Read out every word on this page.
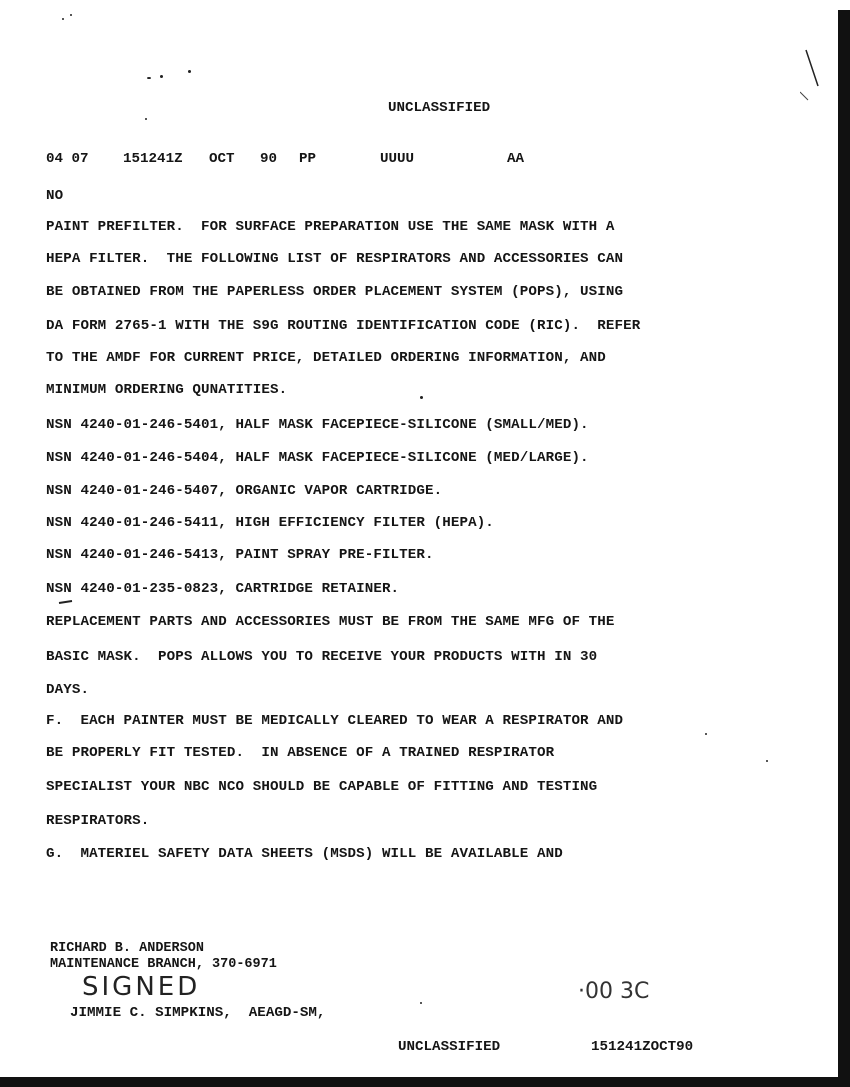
UNCLASSIFIED
04 07 151241Z OCT 90 PP	UUUU	AA
NO
PAINT PREFILTER.  FOR SURFACE PREPARATION USE THE SAME MASK WITH A
HEPA FILTER.  THE FOLLOWING LIST OF RESPIRATORS AND ACCESSORIES CAN
BE OBTAINED FROM THE PAPERLESS ORDER PLACEMENT SYSTEM (POPS), USING
DA FORM 2765-1 WITH THE S9G ROUTING IDENTIFICATION CODE (RIC).  REFER
TO THE AMDF FOR CURRENT PRICE, DETAILED ORDERING INFORMATION, AND
MINIMUM ORDERING QUNATITIES.
NSN 4240-01-246-5401, HALF MASK FACEPIECE-SILICONE (SMALL/MED).
NSN 4240-01-246-5404, HALF MASK FACEPIECE-SILICONE (MED/LARGE).
NSN 4240-01-246-5407, ORGANIC VAPOR CARTRIDGE.
NSN 4240-01-246-5411, HIGH EFFICIENCY FILTER (HEPA).
NSN 4240-01-246-5413, PAINT SPRAY PRE-FILTER.
NSN 4240-01-235-0823, CARTRIDGE RETAINER.
REPLACEMENT PARTS AND ACCESSORIES MUST BE FROM THE SAME MFG OF THE
BASIC MASK.  POPS ALLOWS YOU TO RECEIVE YOUR PRODUCTS WITH IN 30
DAYS.
F.  EACH PAINTER MUST BE MEDICALLY CLEARED TO WEAR A RESPIRATOR AND
BE PROPERLY FIT TESTED.  IN ABSENCE OF A TRAINED RESPIRATOR
SPECIALIST YOUR NBC NCO SHOULD BE CAPABLE OF FITTING AND TESTING
RESPIRATORS.
G.  MATERIEL SAFETY DATA SHEETS (MSDS) WILL BE AVAILABLE AND
RICHARD B. ANDERSON
MAINTENANCE BRANCH, 370-6971
SIGNED
JIMMIE C. SIMPKINS,  AEAGD-SM,
·00 3C
UNCLASSIFIED	151241ZOCT90
